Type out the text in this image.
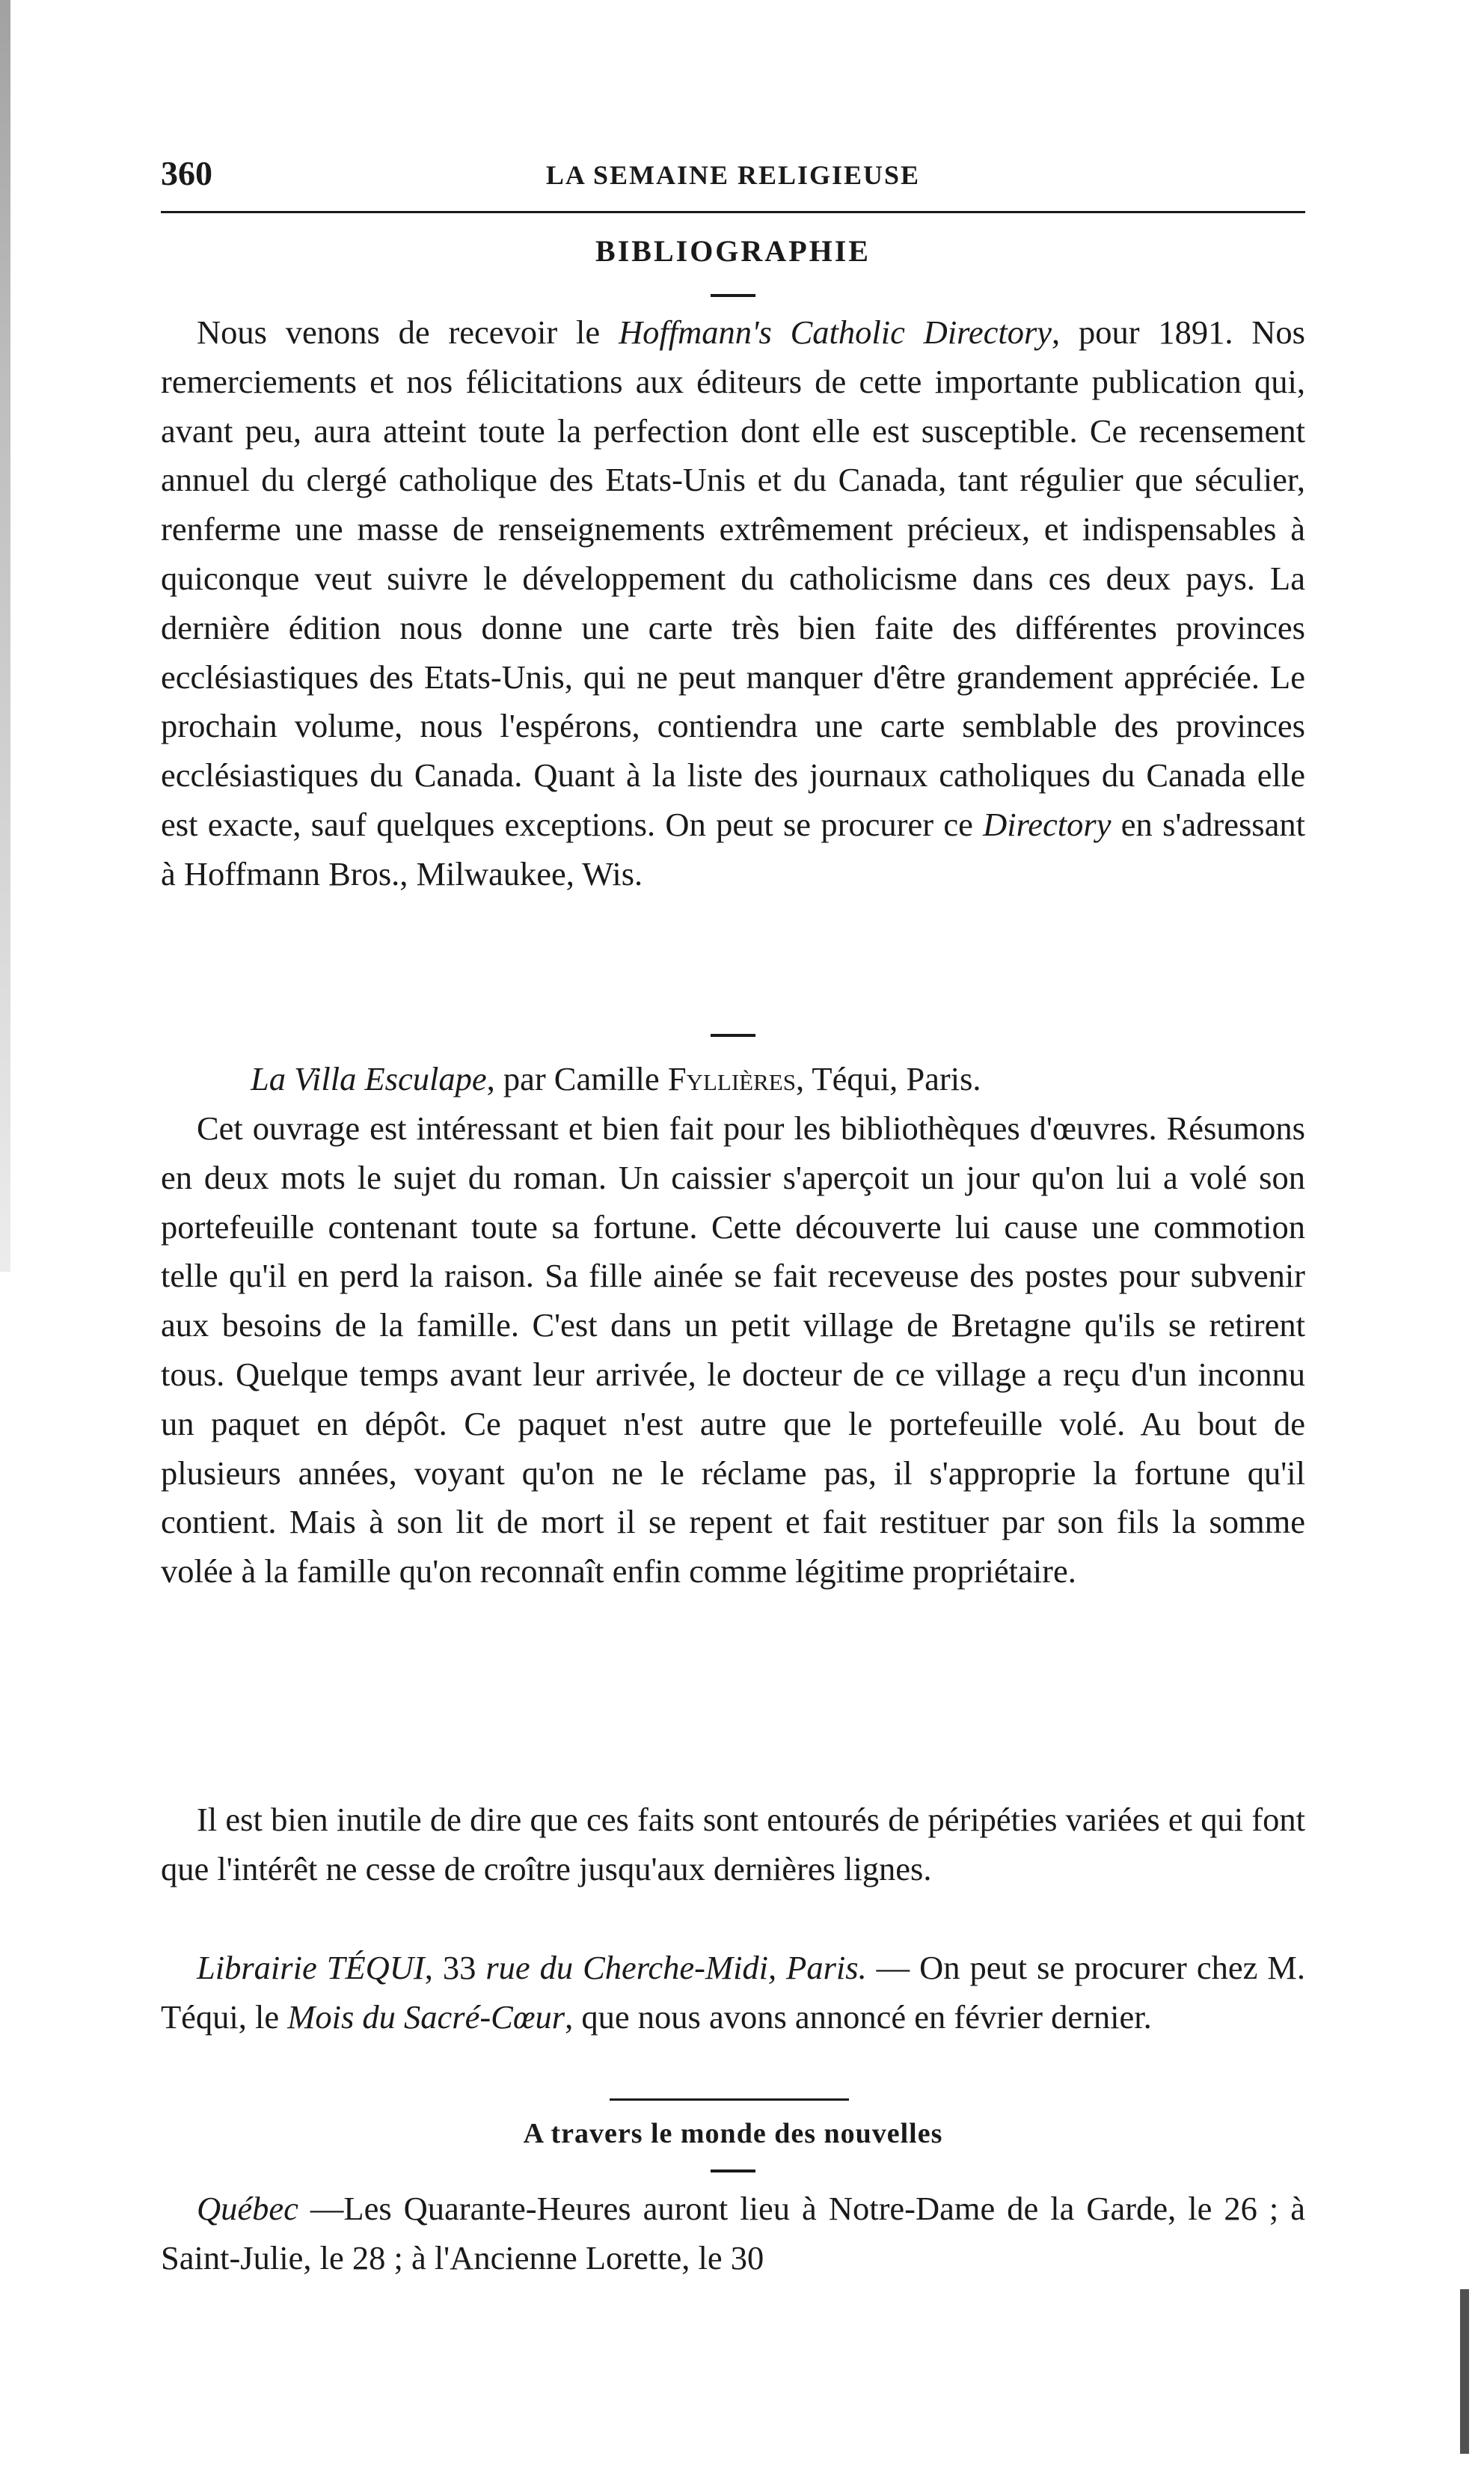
360	LA SEMAINE RELIGIEUSE
BIBLIOGRAPHIE

Nous venons de recevoir le Hoffmann's Catholic Directory, pour 1891. Nos remerciements et nos félicitations aux éditeurs de cette importante publication qui, avant peu, aura atteint toute la perfection dont elle est susceptible. Ce recensement annuel du clergé catholique des Etats-Unis et du Canada, tant régulier que séculier, renferme une masse de renseignements extrêmement précieux, et indispensables à quiconque veut suivre le développement du catholicisme dans ces deux pays. La dernière édition nous donne une carte très bien faite des différentes provinces ecclésiastiques des Etats-Unis, qui ne peut manquer d'être grandement appréciée. Le prochain volume, nous l'espérons, contiendra une carte semblable des provinces ecclésiastiques du Canada. Quant à la liste des journaux catholiques du Canada elle est exacte, sauf quelques exceptions. On peut se procurer ce Directory en s'adressant à Hoffmann Bros., Milwaukee, Wis.

La Villa Esculape, par Camille Fyllières, Téqui, Paris.

Cet ouvrage est intéressant et bien fait pour les bibliothèques d'œuvres. Résumons en deux mots le sujet du roman. Un caissier s'aperçoit un jour qu'on lui a volé son portefeuille contenant toute sa fortune. Cette découverte lui cause une commotion telle qu'il en perd la raison. Sa fille ainée se fait receveuse des postes pour subvenir aux besoins de la famille. C'est dans un petit village de Bretagne qu'ils se retirent tous. Quelque temps avant leur arrivée, le docteur de ce village a reçu d'un inconnu un paquet en dépôt. Ce paquet n'est autre que le portefeuille volé. Au bout de plusieurs années, voyant qu'on ne le réclame pas, il s'approprie la fortune qu'il contient. Mais à son lit de mort il se repent et fait restituer par son fils la somme volée à la famille qu'on reconnaît enfin comme légitime propriétaire.

Il est bien inutile de dire que ces faits sont entourés de péripéties variées et qui font que l'intérêt ne cesse de croître jusqu'aux dernières lignes.

Librairie TÉQUI, 33 rue du Cherche-Midi, Paris. — On peut se procurer chez M. Téqui, le Mois du Sacré-Cœur, que nous avons annoncé en février dernier.

A travers le monde des nouvelles

Québec —Les Quarante-Heures auront lieu à Notre-Dame de la Garde, le 26 ; à Saint-Julie, le 28 ; à l'Ancienne Lorette, le 30
